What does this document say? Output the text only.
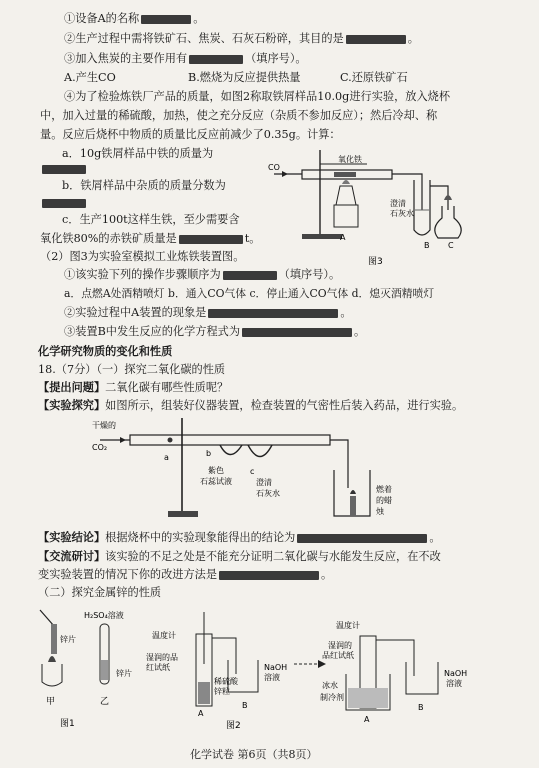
①设备A的名称	。
②生产过程中需将铁矿石、焦炭、石灰石粉碎，其目的是	。
③加入焦炭的主要作用有	（填序号）。
A.产生CO	B.燃烧为反应提供热量	C.还原铁矿石
④为了检验炼铁厂产品的质量，如图2称取铁屑样品10.0g进行实验，放入烧杯
中，加入过量的稀硫酸，加热，使之充分反应（杂质不参加反应）；然后冷却、称
量。反应后烧杯中物质的质量比反应前减少了0.35g。计算：
a．10g铁屑样品中铁的质量为
b．铁屑样品中杂质的质量分数为
c．生产100t这样生铁，至少需要含
氧化铁80%的赤铁矿质量是	t。
（2）图3为实验室模拟工业炼铁装置图。
①该实验下列的操作步骤顺序为	（填序号）。
a．点燃A处酒精喷灯 b．通入CO气体 c．停止通入CO气体 d．熄灭酒精喷灯
②实验过程中A装置的现象是	。
③装置B中发生反应的化学方程式为	。
CO
氧化铁
澄清
石灰水
A
B C
图3
化学研究物质的变化和性质
18.（7分）（一）探究二氧化碳的性质
【提出问题】二氧化碳有哪些性质呢？
【实验探究】如图所示，组装好仪器装置，检查装置的气密性后装入药品，进行实验。
干燥的
CO₂
a	b
c
紫色
石蕊试液	澄清
石灰水	燃着
的蜡
烛
【实验结论】根据烧杯中的实验现象能得出的结论为	。
【交流研讨】该实验的不足之处是不能充分证明二氧化碳与水能发生反应，在不改
变实验装置的情况下你的改进方法是	。
（二）探究金属锌的性质
锌片
甲
H₂SO₄溶液
锌片
乙
图1
温度计
湿润的品
红试纸
稀硫酸
锌粒
NaOH
溶液
A
B
图2
温度计
湿润的
品红试纸
冰水
制冷剂
NaOH
溶液
A
B
化学试卷 第6页（共8页）
